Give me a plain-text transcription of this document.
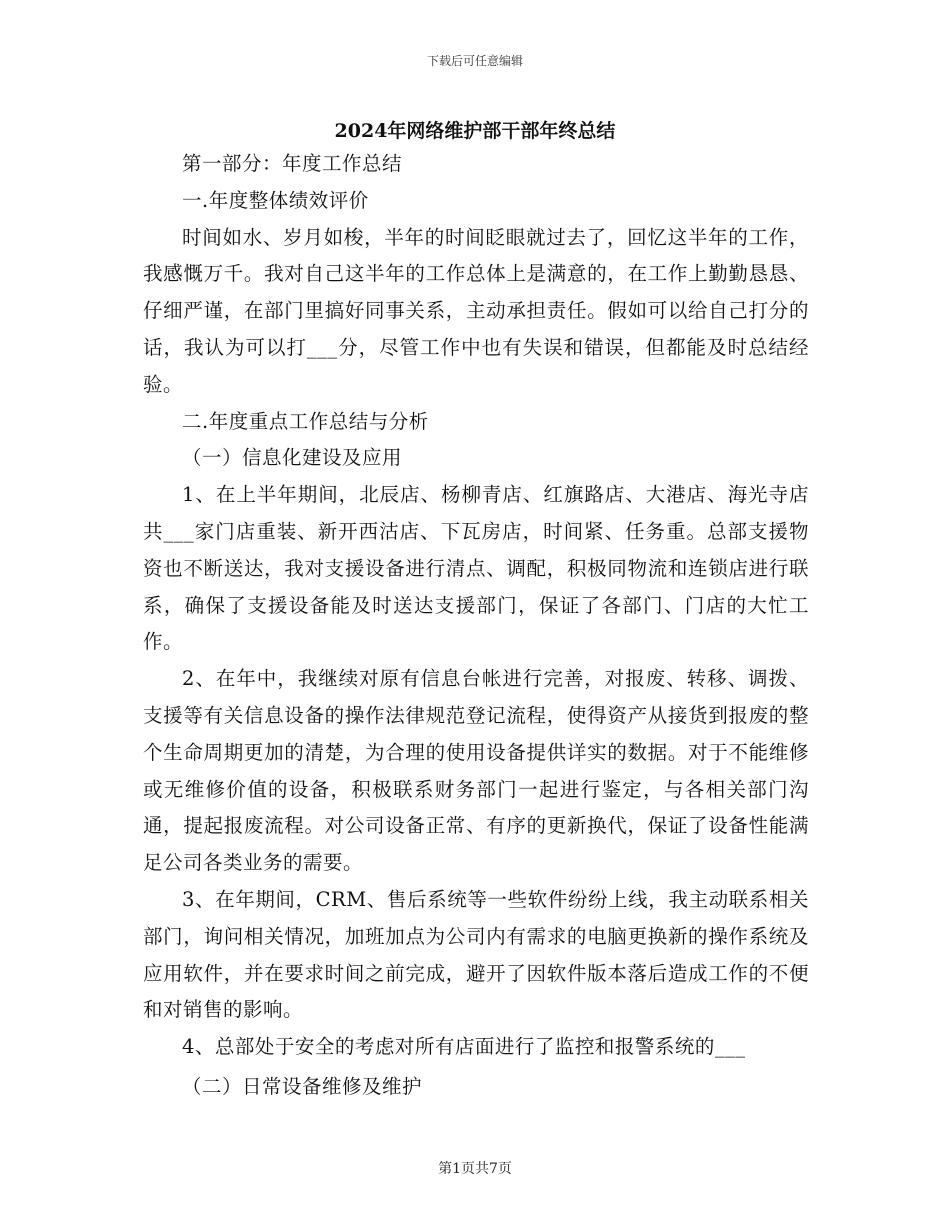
下载后可任意编辑
2024年网络维护部干部年终总结

第一部分：年度工作总结

一.年度整体绩效评价

时间如水、岁月如梭，半年的时间眨眼就过去了，回忆这半年的工作，我感慨万千。我对自己这半年的工作总体上是满意的，在工作上勤勤恳恳、仔细严谨，在部门里搞好同事关系，主动承担责任。假如可以给自己打分的话，我认为可以打___分，尽管工作中也有失误和错误，但都能及时总结经验。

二.年度重点工作总结与分析

（一）信息化建设及应用

1、在上半年期间，北辰店、杨柳青店、红旗路店、大港店、海光寺店共___家门店重装、新开西沽店、下瓦房店，时间紧、任务重。总部支援物资也不断送达，我对支援设备进行清点、调配，积极同物流和连锁店进行联系，确保了支援设备能及时送达支援部门，保证了各部门、门店的大忙工作。

2、在年中，我继续对原有信息台帐进行完善，对报废、转移、调拨、支援等有关信息设备的操作法律规范登记流程，使得资产从接货到报废的整个生命周期更加的清楚，为合理的使用设备提供详实的数据。对于不能维修或无维修价值的设备，积极联系财务部门一起进行鉴定，与各相关部门沟通，提起报废流程。对公司设备正常、有序的更新换代，保证了设备性能满足公司各类业务的需要。

3、在年期间，CRM、售后系统等一些软件纷纷上线，我主动联系相关部门，询问相关情况，加班加点为公司内有需求的电脑更换新的操作系统及应用软件，并在要求时间之前完成，避开了因软件版本落后造成工作的不便和对销售的影响。

4、总部处于安全的考虑对所有店面进行了监控和报警系统的___

（二）日常设备维修及维护

第1页共7页
